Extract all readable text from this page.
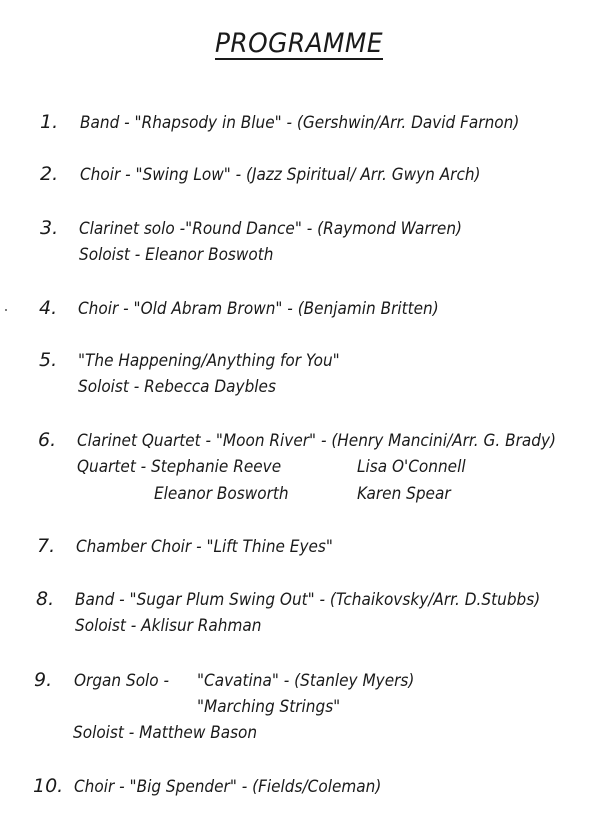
PROGRAMME
1. Band - "Rhapsody in Blue" - (Gershwin/Arr. David Farnon)
2. Choir - "Swing Low" - (Jazz Spiritual/ Arr. Gwyn Arch)
3. Clarinet solo -"Round Dance" - (Raymond Warren)
Soloist - Eleanor Boswoth
4. Choir - "Old Abram Brown" - (Benjamin Britten)
5. "The Happening/Anything for You"
Soloist - Rebecca Daybles
6. Clarinet Quartet - "Moon River" - (Henry Mancini/Arr. G. Brady)
Quartet - Stephanie Reeve	Lisa O'Connell
Eleanor Bosworth	Karen Spear
7. Chamber Choir - "Lift Thine Eyes"
8. Band - "Sugar Plum Swing Out" - (Tchaikovsky/Arr. D.Stubbs)
Soloist - Aklisur Rahman
9. Organ Solo - "Cavatina" - (Stanley Myers)
"Marching Strings"
Soloist - Matthew Bason
10. Choir - "Big Spender" - (Fields/Coleman)
